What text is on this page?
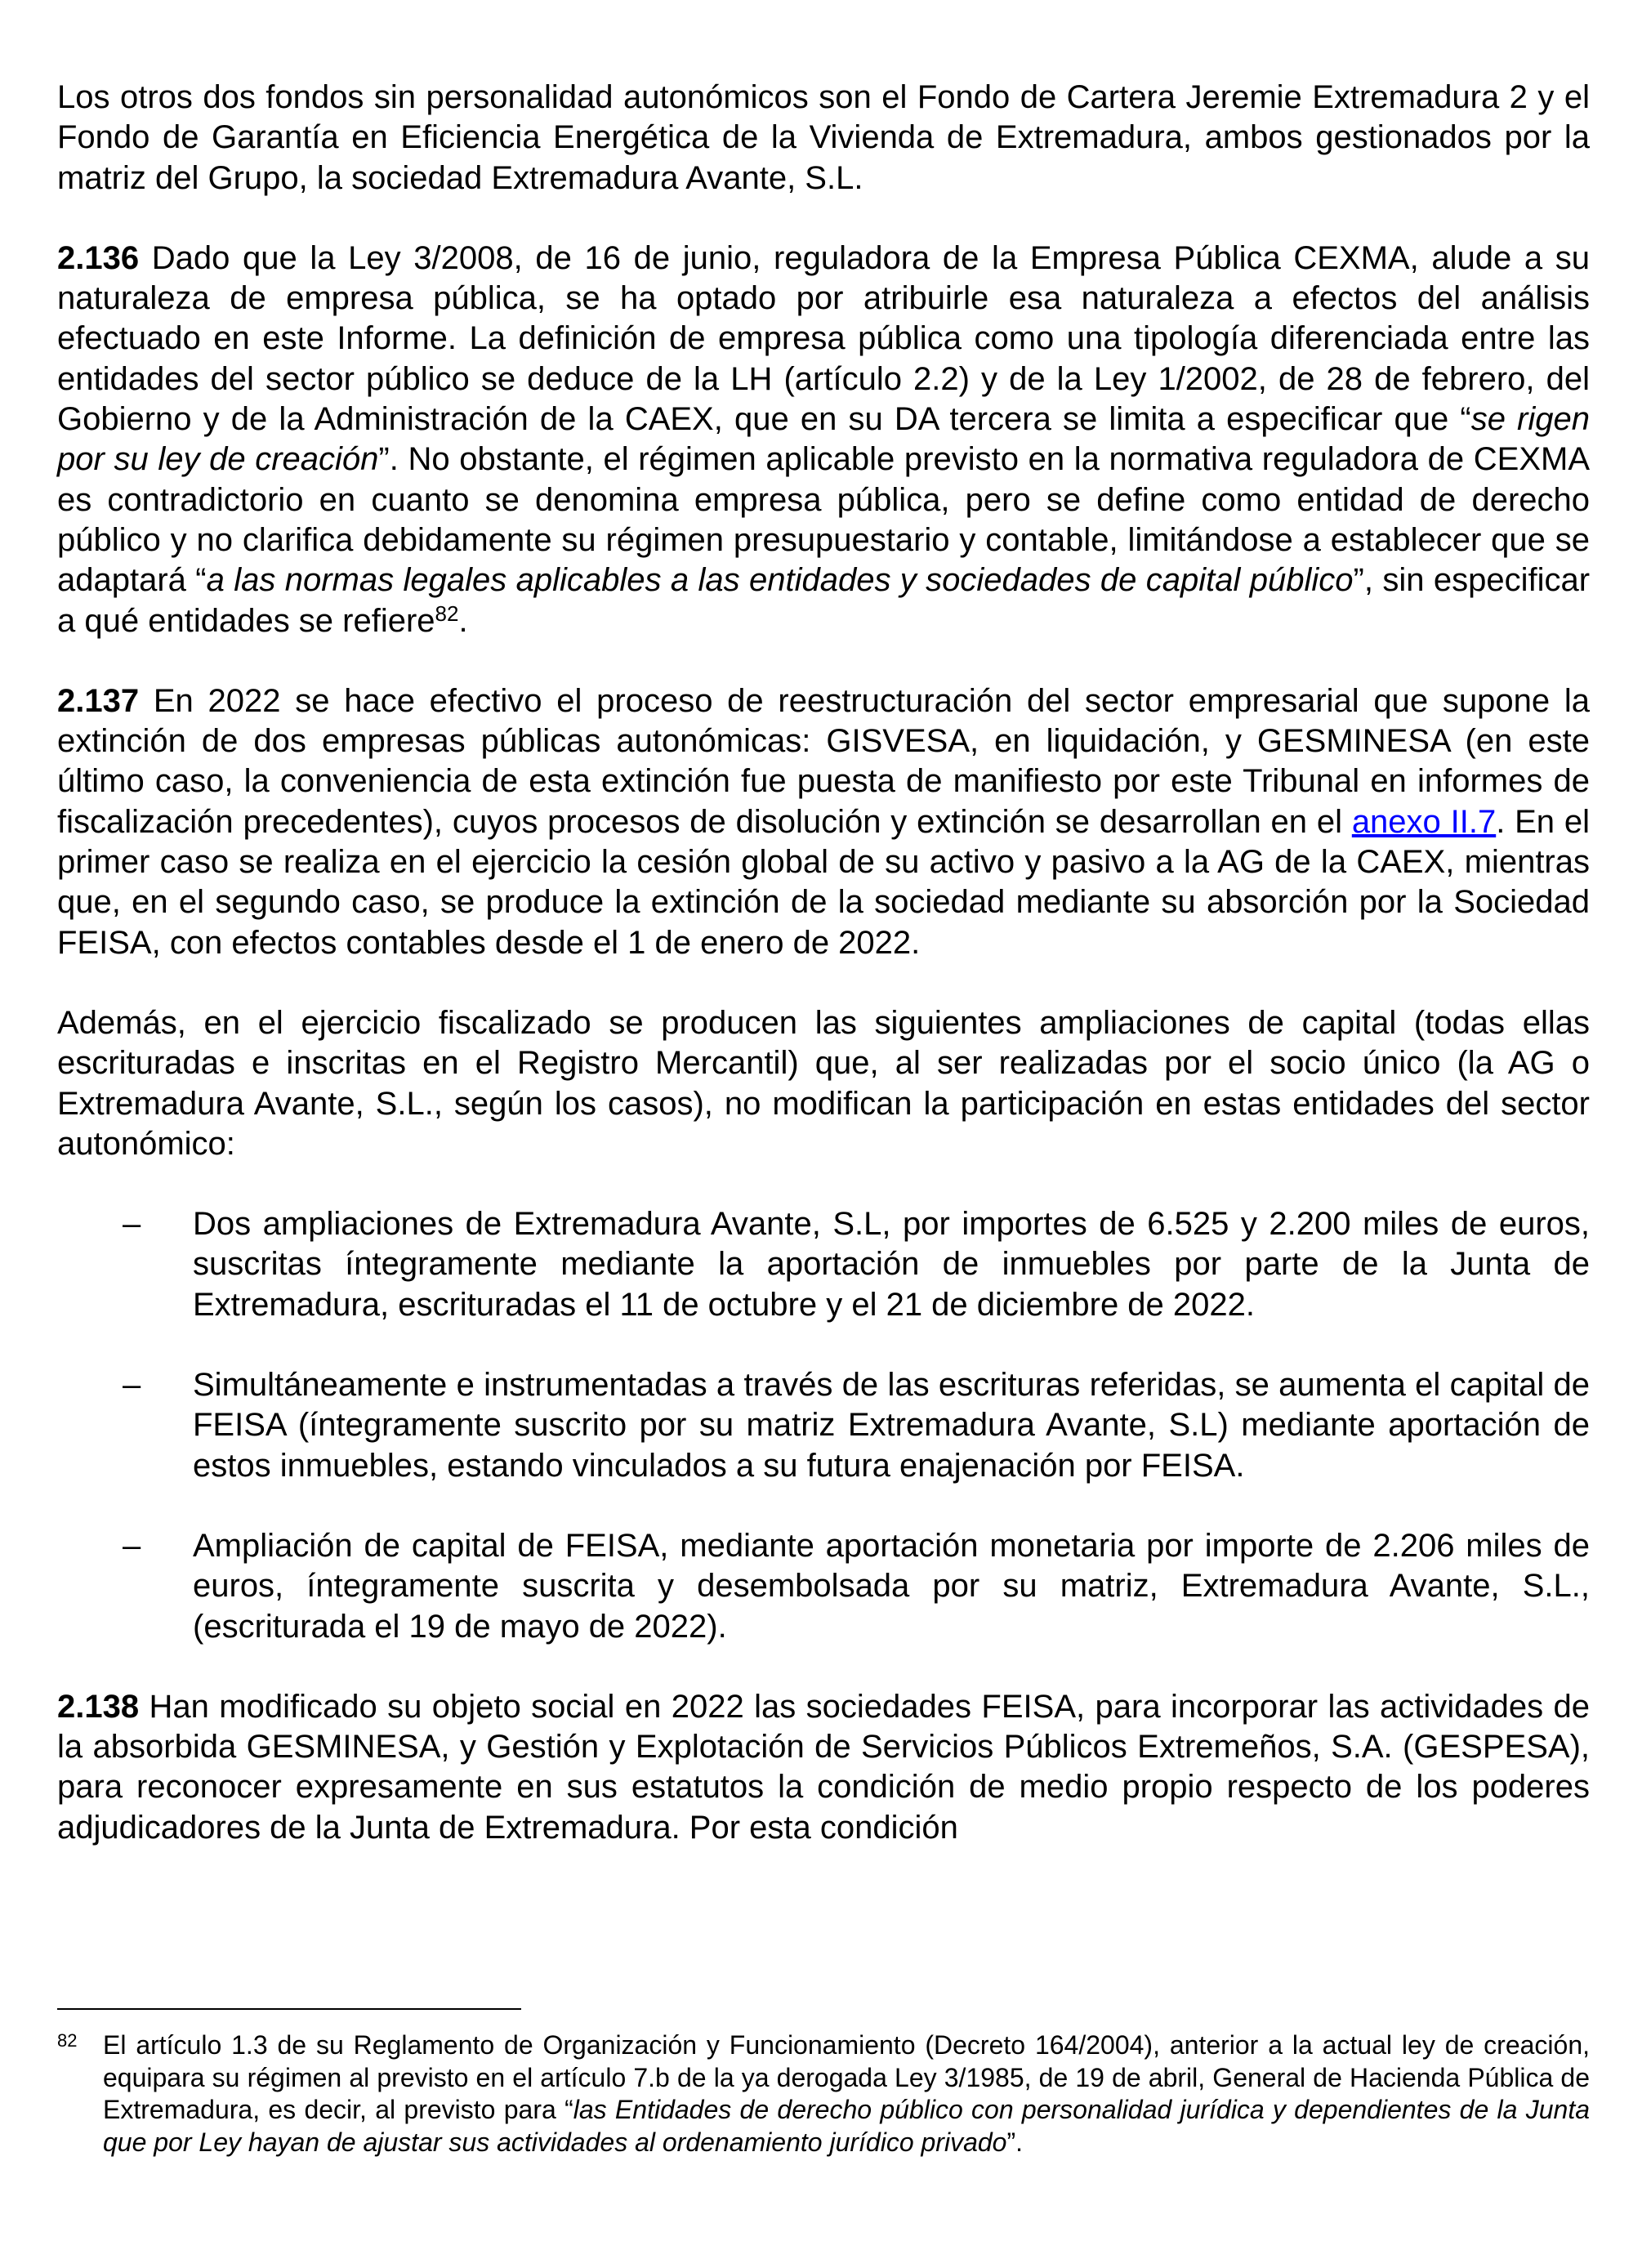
Los otros dos fondos sin personalidad autonómicos son el Fondo de Cartera Jeremie Extremadura 2 y el Fondo de Garantía en Eficiencia Energética de la Vivienda de Extremadura, ambos gestionados por la matriz del Grupo, la sociedad Extremadura Avante, S.L.

2.136 Dado que la Ley 3/2008, de 16 de junio, reguladora de la Empresa Pública CEXMA, alude a su naturaleza de empresa pública, se ha optado por atribuirle esa naturaleza a efectos del análisis efectuado en este Informe. La definición de empresa pública como una tipología diferenciada entre las entidades del sector público se deduce de la LH (artículo 2.2) y de la Ley 1/2002, de 28 de febrero, del Gobierno y de la Administración de la CAEX, que en su DA tercera se limita a especificar que “se rigen por su ley de creación”. No obstante, el régimen aplicable previsto en la normativa reguladora de CEXMA es contradictorio en cuanto se denomina empresa pública, pero se define como entidad de derecho público y no clarifica debidamente su régimen presupuestario y contable, limitándose a establecer que se adaptará “a las normas legales aplicables a las entidades y sociedades de capital público”, sin especificar a qué entidades se refiere$^{82}$.

2.137 En 2022 se hace efectivo el proceso de reestructuración del sector empresarial que supone la extinción de dos empresas públicas autonómicas: GISVESA, en liquidación, y GESMINESA (en este último caso, la conveniencia de esta extinción fue puesta de manifiesto por este Tribunal en informes de fiscalización precedentes), cuyos procesos de disolución y extinción se desarrollan en el anexo II.7. En el primer caso se realiza en el ejercicio la cesión global de su activo y pasivo a la AG de la CAEX, mientras que, en el segundo caso, se produce la extinción de la sociedad mediante su absorción por la Sociedad FEISA, con efectos contables desde el 1 de enero de 2022.

Además, en el ejercicio fiscalizado se producen las siguientes ampliaciones de capital (todas ellas escrituradas e inscritas en el Registro Mercantil) que, al ser realizadas por el socio único (la AG o Extremadura Avante, S.L., según los casos), no modifican la participación en estas entidades del sector autonómico:

– Dos ampliaciones de Extremadura Avante, S.L, por importes de 6.525 y 2.200 miles de euros, suscritas íntegramente mediante la aportación de inmuebles por parte de la Junta de Extremadura, escrituradas el 11 de octubre y el 21 de diciembre de 2022.
– Simultáneamente e instrumentadas a través de las escrituras referidas, se aumenta el capital de FEISA (íntegramente suscrito por su matriz Extremadura Avante, S.L) mediante aportación de estos inmuebles, estando vinculados a su futura enajenación por FEISA.
– Ampliación de capital de FEISA, mediante aportación monetaria por importe de 2.206 miles de euros, íntegramente suscrita y desembolsada por su matriz, Extremadura Avante, S.L., (escriturada el 19 de mayo de 2022).

2.138 Han modificado su objeto social en 2022 las sociedades FEISA, para incorporar las actividades de la absorbida GESMINESA, y Gestión y Explotación de Servicios Públicos Extremeños, S.A. (GESPESA), para reconocer expresamente en sus estatutos la condición de medio propio respecto de los poderes adjudicadores de la Junta de Extremadura. Por esta condición

82 El artículo 1.3 de su Reglamento de Organización y Funcionamiento (Decreto 164/2004), anterior a la actual ley de creación, equipara su régimen al previsto en el artículo 7.b de la ya derogada Ley 3/1985, de 19 de abril, General de Hacienda Pública de Extremadura, es decir, al previsto para “las Entidades de derecho público con personalidad jurídica y dependientes de la Junta que por Ley hayan de ajustar sus actividades al ordenamiento jurídico privado”.
